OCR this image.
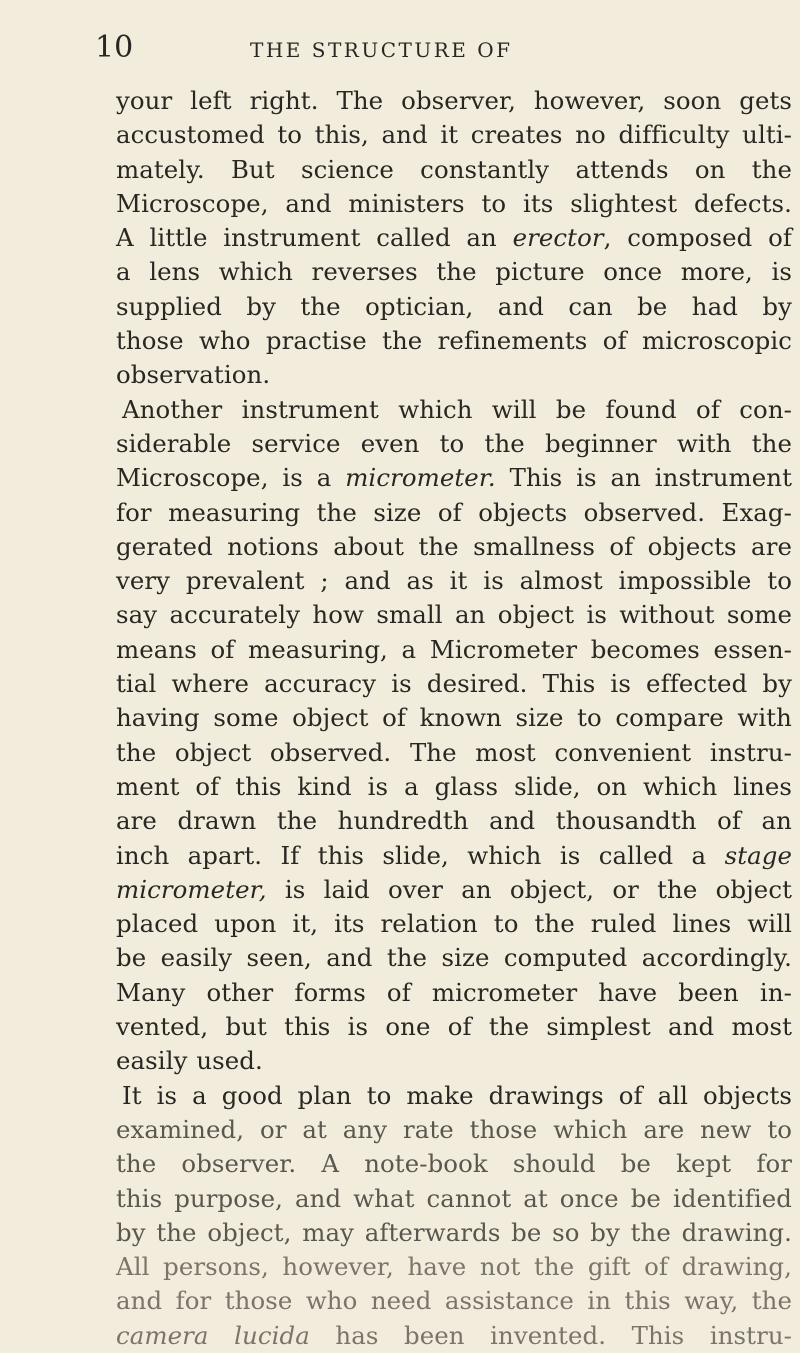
10	THE STRUCTURE OF
your left right. The observer, however, soon gets
accustomed to this, and it creates no difficulty ulti-
mately. But science constantly attends on the
Microscope, and ministers to its slightest defects.
A little instrument called an erector, composed of
a lens which reverses the picture once more, is
supplied by the optician, and can be had by
those who practise the refinements of microscopic
observation.
Another instrument which will be found of con-
siderable service even to the beginner with the
Microscope, is a micrometer. This is an instrument
for measuring the size of objects observed. Exag-
gerated notions about the smallness of objects are
very prevalent ; and as it is almost impossible to
say accurately how small an object is without some
means of measuring, a Micrometer becomes essen-
tial where accuracy is desired. This is effected by
having some object of known size to compare with
the object observed. The most convenient instru-
ment of this kind is a glass slide, on which lines
are drawn the hundredth and thousandth of an
inch apart. If this slide, which is called a stage
micrometer, is laid over an object, or the object
placed upon it, its relation to the ruled lines will
be easily seen, and the size computed accordingly.
Many other forms of micrometer have been in-
vented, but this is one of the simplest and most
easily used.
It is a good plan to make drawings of all objects
examined, or at any rate those which are new to
the observer. A note-book should be kept for
this purpose, and what cannot at once be identified
by the object, may afterwards be so by the drawing.
All persons, however, have not the gift of drawing,
and for those who need assistance in this way, the
camera lucida has been invented. This instru-
